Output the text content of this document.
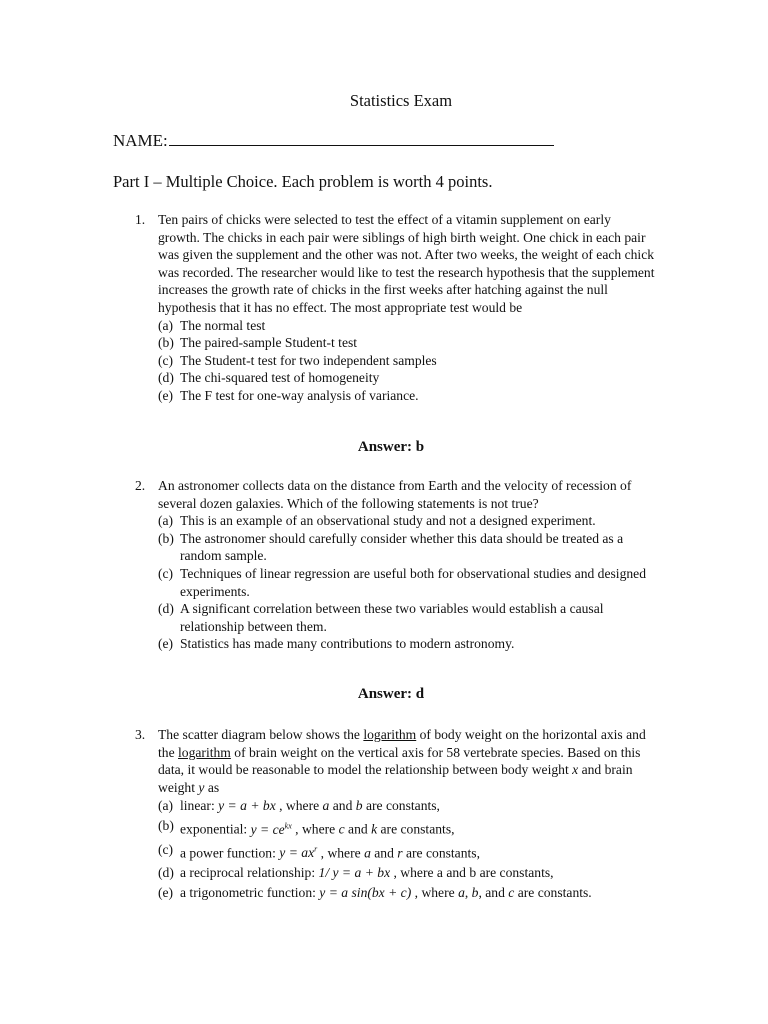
Statistics Exam
NAME:
Part I – Multiple Choice. Each problem is worth 4 points.
1. Ten pairs of chicks were selected to test the effect of a vitamin supplement on early growth. The chicks in each pair were siblings of high birth weight. One chick in each pair was given the supplement and the other was not. After two weeks, the weight of each chick was recorded. The researcher would like to test the research hypothesis that the supplement increases the growth rate of chicks in the first weeks after hatching against the null hypothesis that it has no effect. The most appropriate test would be
(a) The normal test
(b) The paired-sample Student-t test
(c) The Student-t test for two independent samples
(d) The chi-squared test of homogeneity
(e) The F test for one-way analysis of variance.
Answer: b
2. An astronomer collects data on the distance from Earth and the velocity of recession of several dozen galaxies. Which of the following statements is not true?
(a) This is an example of an observational study and not a designed experiment.
(b) The astronomer should carefully consider whether this data should be treated as a random sample.
(c) Techniques of linear regression are useful both for observational studies and designed experiments.
(d) A significant correlation between these two variables would establish a causal relationship between them.
(e) Statistics has made many contributions to modern astronomy.
Answer: d
3. The scatter diagram below shows the logarithm of body weight on the horizontal axis and the logarithm of brain weight on the vertical axis for 58 vertebrate species. Based on this data, it would be reasonable to model the relationship between body weight x and brain weight y as
(a) linear: y = a + bx , where a and b are constants,
(b) exponential: $y = ce^{kx}$ , where c and k are constants,
(c) a power function: $y = ax^r$ , where a and r are constants,
(d) a reciprocal relationship: 1/ y = a + bx , where a and b are constants,
(e) a trigonometric function: y = a sin(bx + c) , where a, b, and c are constants.
